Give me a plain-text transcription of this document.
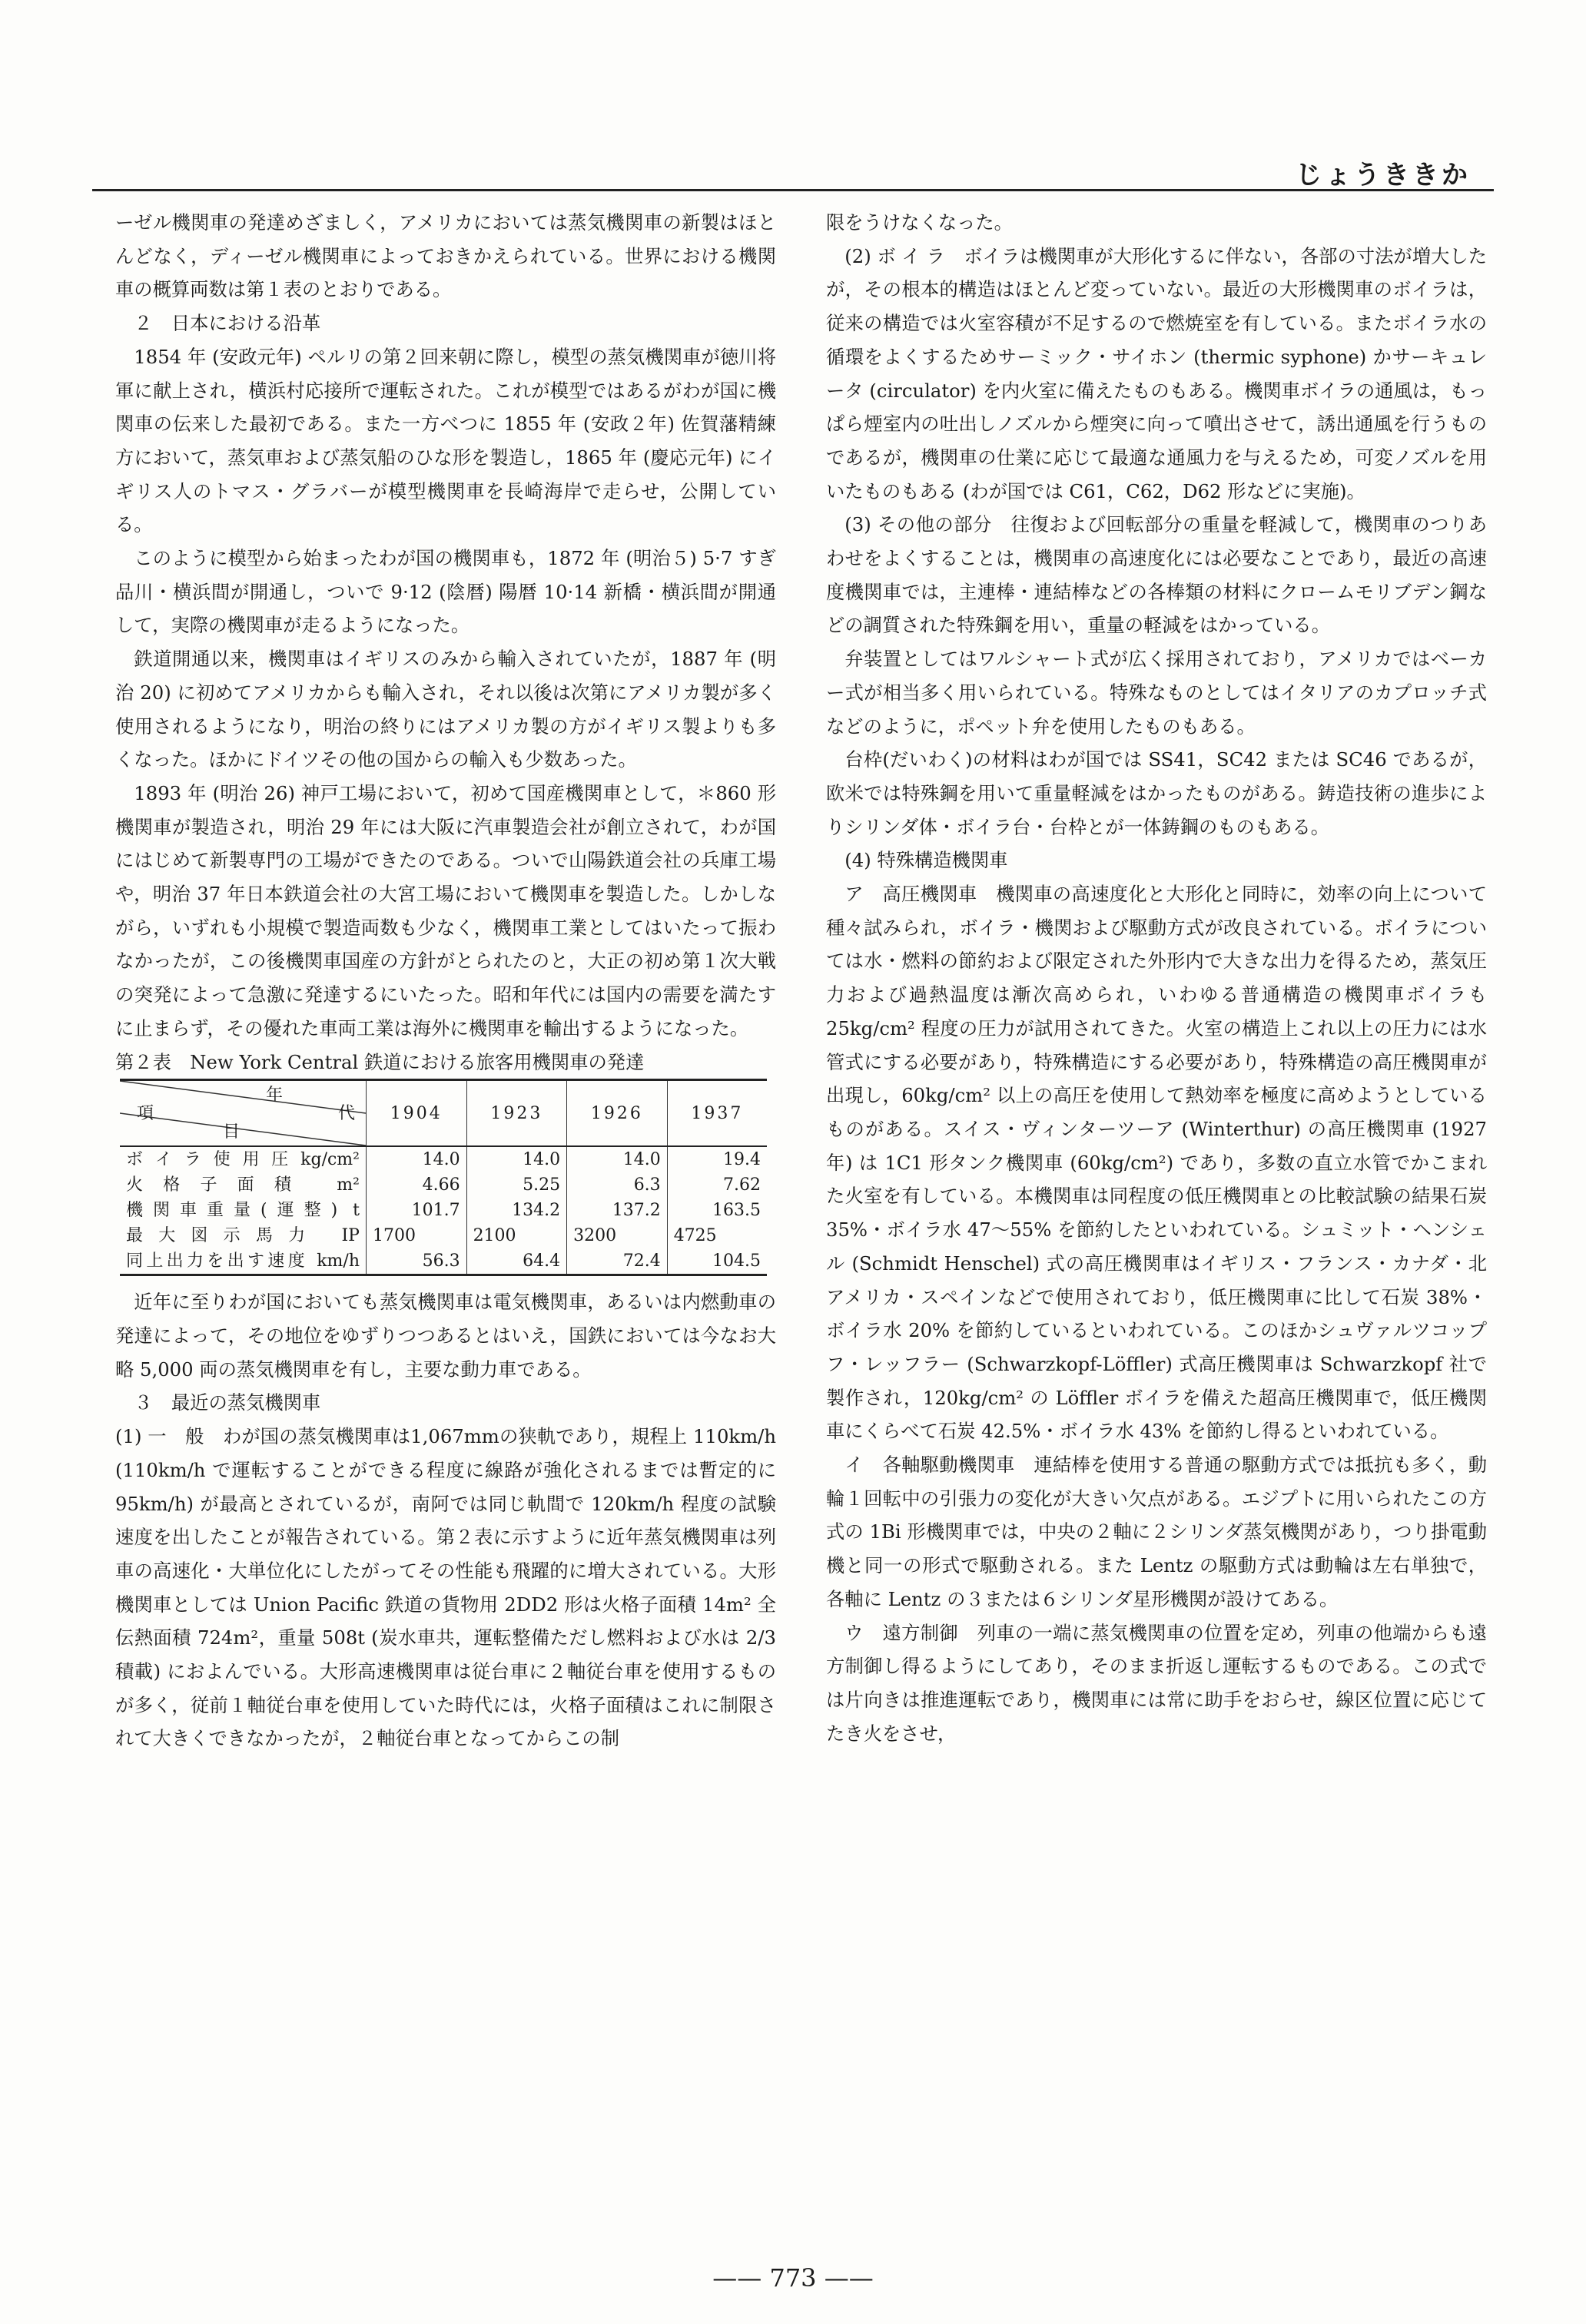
じょうききか

ーゼル機関車の発達めざましく，アメリカにおいては蒸気機関車の新製はほとんどなく，ディーゼル機関車によっておきかえられている。世界における機関車の概算両数は第１表のとおりである。

２　日本における沿革

1854 年 (安政元年) ペルリの第２回来朝に際し，模型の蒸気機関車が徳川将軍に献上され，横浜村応接所で運転された。これが模型ではあるがわが国に機関車の伝来した最初である。また一方べつに 1855 年 (安政２年) 佐賀藩精練方において，蒸気車および蒸気船のひな形を製造し，1865 年 (慶応元年) にイギリス人のトマス・グラバーが模型機関車を長崎海岸で走らせ，公開している。

このように模型から始まったわが国の機関車も，1872 年 (明治５) 5·7 すぎ品川・横浜間が開通し，ついで 9·12 (陰暦) 陽暦 10·14 新橋・横浜間が開通して，実際の機関車が走るようになった。

鉄道開通以来，機関車はイギリスのみから輸入されていたが，1887 年 (明治 20) に初めてアメリカからも輸入され，それ以後は次第にアメリカ製が多く使用されるようになり，明治の終りにはアメリカ製の方がイギリス製よりも多くなった。ほかにドイツその他の国からの輸入も少数あった。

1893 年 (明治 26) 神戸工場において，初めて国産機関車として，＊860 形機関車が製造され，明治 29 年には大阪に汽車製造会社が創立されて，わが国にはじめて新製専門の工場ができたのである。ついで山陽鉄道会社の兵庫工場や，明治 37 年日本鉄道会社の大宮工場において機関車を製造した。しかしながら，いずれも小規模で製造両数も少なく，機関車工業としてはいたって振わなかったが，この後機関車国産の方針がとられたのと，大正の初め第１次大戦の突発によって急激に発達するにいたった。昭和年代には国内の需要を満たすに止まらず，その優れた車両工業は海外に機関車を輸出するようになった。

第２表　New York Central 鉄道における旅客用機関車の発達

年
代
項
目	1904	1923	1926	1937
ボイラ使用圧kg/cm²	14.0	14.0	14.0	19.4
火格子面積 m²	4.66	5.25	6.3	7.62
機関車重量(運整) t	101.7	134.2	137.2	163.5
最大図示馬力 IP	1700	2100	3200	4725
同上出力を出す速度 km/h	56.3	64.4	72.4	104.5

近年に至りわが国においても蒸気機関車は電気機関車，あるいは内燃動車の発達によって，その地位をゆずりつつあるとはいえ，国鉄においては今なお大略 5,000 両の蒸気機関車を有し，主要な動力車である。

３　最近の蒸気機関車

(1) 一　般　わが国の蒸気機関車は1,067mmの狭軌であり，規程上 110km/h (110km/h で運転することができる程度に線路が強化されるまでは暫定的に 95km/h) が最高とされているが，南阿では同じ軌間で 120km/h 程度の試験速度を出したことが報告されている。第２表に示すように近年蒸気機関車は列車の高速化・大単位化にしたがってその性能も飛躍的に増大されている。大形機関車としては Union Pacific 鉄道の貨物用 2DD2 形は火格子面積 14m² 全伝熱面積 724m²，重量 508t (炭水車共，運転整備ただし燃料および水は 2/3 積載) におよんでいる。大形高速機関車は従台車に２軸従台車を使用するものが多く，従前１軸従台車を使用していた時代には，火格子面積はこれに制限されて大きくできなかったが，２軸従台車となってからこの制

限をうけなくなった。

(2) ボ イ ラ　ボイラは機関車が大形化するに伴ない，各部の寸法が増大したが，その根本的構造はほとんど変っていない。最近の大形機関車のボイラは，従来の構造では火室容積が不足するので燃焼室を有している。またボイラ水の循環をよくするためサーミック・サイホン (thermic syphone) かサーキュレータ (circulator) を内火室に備えたものもある。機関車ボイラの通風は，もっぱら煙室内の吐出しノズルから煙突に向って噴出させて，誘出通風を行うものであるが，機関車の仕業に応じて最適な通風力を与えるため，可変ノズルを用いたものもある (わが国では C61，C62，D62 形などに実施)。

(3) その他の部分　往復および回転部分の重量を軽減して，機関車のつりあわせをよくすることは，機関車の高速度化には必要なことであり，最近の高速度機関車では，主連棒・連結棒などの各棒類の材料にクロームモリブデン鋼などの調質された特殊鋼を用い，重量の軽減をはかっている。

弁装置としてはワルシャート式が広く採用されており，アメリカではベーカー式が相当多く用いられている。特殊なものとしてはイタリアのカプロッチ式などのように，ポペット弁を使用したものもある。

台枠(だいわく)の材料はわが国では SS41，SC42 または SC46 であるが，欧米では特殊鋼を用いて重量軽減をはかったものがある。鋳造技術の進歩によりシリンダ体・ボイラ台・台枠とが一体鋳鋼のものもある。

(4) 特殊構造機関車

ア　高圧機関車　機関車の高速度化と大形化と同時に，効率の向上について種々試みられ，ボイラ・機関および駆動方式が改良されている。ボイラについては水・燃料の節約および限定された外形内で大きな出力を得るため，蒸気圧力および過熱温度は漸次高められ，いわゆる普通構造の機関車ボイラも 25kg/cm² 程度の圧力が試用されてきた。火室の構造上これ以上の圧力には水管式にする必要があり，特殊構造にする必要があり，特殊構造の高圧機関車が出現し，60kg/cm² 以上の高圧を使用して熱効率を極度に高めようとしているものがある。スイス・ヴィンターツーア (Winterthur) の高圧機関車 (1927 年) は 1C1 形タンク機関車 (60kg/cm²) であり，多数の直立水管でかこまれた火室を有している。本機関車は同程度の低圧機関車との比較試験の結果石炭 35%・ボイラ水 47〜55% を節約したといわれている。シュミット・ヘンシェル (Schmidt Henschel) 式の高圧機関車はイギリス・フランス・カナダ・北アメリカ・スペインなどで使用されており，低圧機関車に比して石炭 38%・ボイラ水 20% を節約しているといわれている。このほかシュヴァルツコップフ・レッフラー (Schwarzkopf-Löffler) 式高圧機関車は Schwarzkopf 社で製作され，120kg/cm² の Löffler ボイラを備えた超高圧機関車で，低圧機関車にくらべて石炭 42.5%・ボイラ水 43% を節約し得るといわれている。

イ　各軸駆動機関車　連結棒を使用する普通の駆動方式では抵抗も多く，動輪１回転中の引張力の変化が大きい欠点がある。エジプトに用いられたこの方式の 1Bi 形機関車では，中央の２軸に２シリンダ蒸気機関があり，つり掛電動機と同一の形式で駆動される。また Lentz の駆動方式は動輪は左右単独で，各軸に Lentz の３または６シリンダ星形機関が設けてある。

ウ　遠方制御　列車の一端に蒸気機関車の位置を定め，列車の他端からも遠方制御し得るようにしてあり，そのまま折返し運転するものである。この式では片向きは推進運転であり，機関車には常に助手をおらせ，線区位置に応じてたき火をさせ，

—— 773 ——
